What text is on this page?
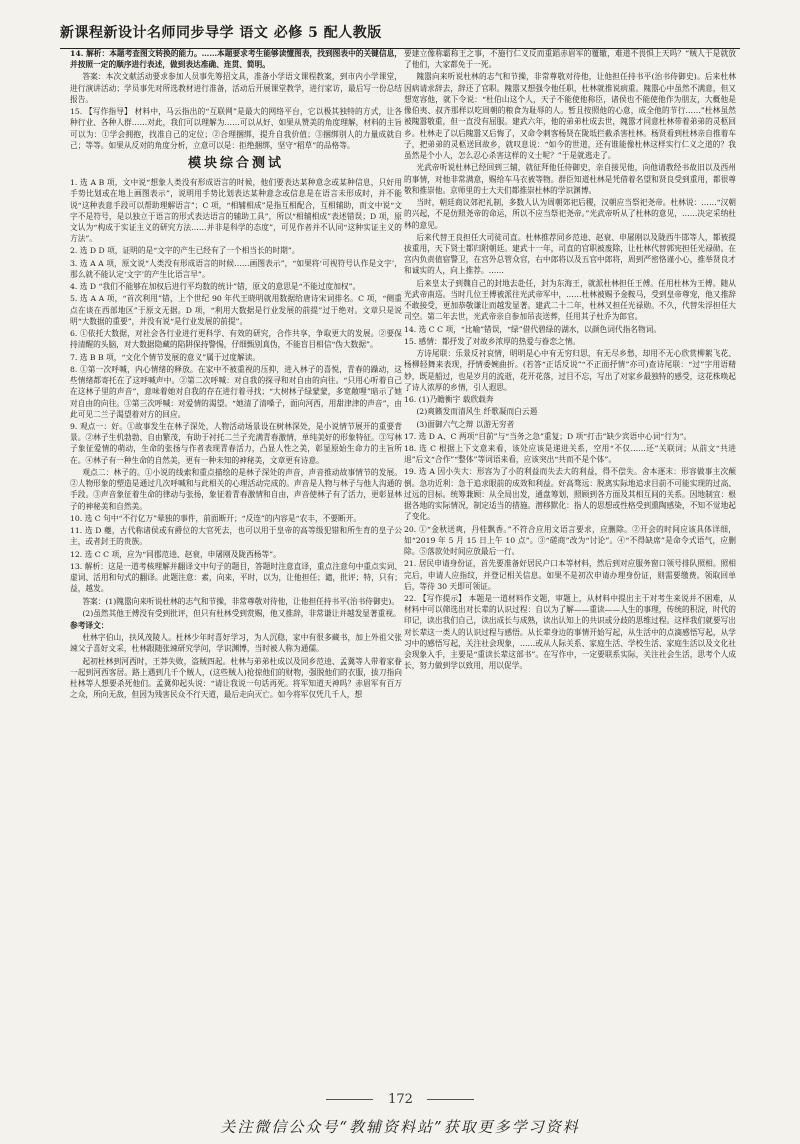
新课程新设计名师同步导学 语文 必修 5 配人教版

14. 解析：本题考查图文转换的能力。……本题要求考生能够读懂图表，找到图表中的关键信息，并按照一定的顺序进行表述，做到表达准确、连贯、简明。

答案：本次文献活动要求参加人员事先筹招文具，准备小学语文课程教案，到市内小学课堂，进行演讲活动；学员事先对所选教材进行准备，活动后开展课堂教学，进行家访，最后写一份总结报告。

15. 【写作指导】 材料中，马云指出的“互联网”是最大的网络平台，它以极其独特的方式，让各种行业、各种人群……对此，我们可以理解为……可以从好、如果从赞美的角度理解，材料的主旨可以为：①学会拥抱，找准自己的定位；②合理捆绑，提升自我价值；③捆绑别人的力量成就自己；等等。如果从反对的角度分析，立意可以是：拒绝捆绑，坚守“稻草”的品格等。

模块综合测试

1. 选 A B 项，文中说“想象人类没有形成语言的时候，他们要表达某种意念或某种信息，只好用手势比划或在地上画图表示”，说明用手势比划表达某种意念或信息是在语言未形成时，并不能说“这种表意手段可以帮助理解语言”；C 项，“相辅相成”是指互相配合，互相辅助，而文中说“文字不是符号，是以独立于语言的形式表达语言的辅助工具”，所以“相辅相成”表述错误；D 项，原文认为“构成于实证主义的研究方法……并非是科学的态度”，可见作者并不认同“这种实证主义的方法”。

2. 选 D D 项，证明的是“文字的产生已经有了一个相当长的时期”。

3. 选 A A 项，原文说“人类没有形成语言的时候……画图表示”，“如果将‘可视符号认作是文字’，那么就不能认定‘文字’的产生比语言早”。

4. 选 D “我们不能够在加权后进行平均数的统计”错，原文的意思是“不能过度加权”。

5. 选 A A 项，“首次利用”错，上个世纪 90 年代王晓明就用数据给唐诗宋词排名。C 项，“侧重点在谈在西部地区”于原文无据。D 项，“利用大数据是行业发展的前提”过于绝对。文章只是说明“大数据的重要”，并没有说“是行业发展的前提”。

6. ①依托大数据，对社会各行业进行更科学、有效的研究，合作共享，争取更大的发展。②要保持清醒的头脑，对大数据隐藏的陷阱保持警惕，仔细甄别真伪，不能盲目相信“伪大数据”。

7. 选 B B 项，“文化个情节发展的意义”属于过度解读。

8. ①第一次呼喊，内心情绪的释放。在家中不被重视的压抑，进入林子的喜悦，青春的躁动，这些情绪都寄托在了这呼喊声中。②第二次呼喊：对自我的探寻和对自由的向往。“只用心听着自己在这林子里的声音”，意味着她对自我的存在进行着寻找；“大树林子绿蒙蒙，多宽敞哩”暗示了她对自由的向往。③第三次呼喊：对爱情的渴望。“她清了清嗓子，面向河西，用甜津津的声音”，由此可见二兰子渴望着对方的回应。

9. 观点一：好。①故事发生在林子深处，人物活动场景设在树林深处，是小说情节展开的重要背景。②林子生机勃勃、自由繁茂，有助于衬托二兰子充满青春激情，单纯美好的形象特征。③写林子象征爱情的萌动，生命的张扬与作者表现青春活力，凸显人性之美，彰显原始生命力的主旨所在。④林子有一种生命的自然美，更有一种未知的神秘美，文章更有诗意。

观点二：林子的。①小说的线索和重点描绘的是林子深处的声音，声音推动故事情节的发展。②人物形象的塑造是通过几次呼喊和与此相关的心理活动完成的。声音是人物与林子与他人沟通的手段。③声音象征着生命的律动与张扬，象征着青春激情和自由，声音使林子有了活力，更彰显林子的神秘美和自然美。

10. 选 C 句中“不行亿万”晕独的事件，前面断开；“反连”的内容是“农丰，不要断开。

11. 选 D 夔，古代称诸侯或有爵位的大官死去，也可以用于皇帝的高等级犯错和所生育的皇子公主，或者封王的贵族。

12. 选 C C 项，应为“同郡范逵、赵衰，申屠刚及陇西杨等”。

13. 解析：这是一道考核理解并翻译文中句子的题目，答题时注意直译，重点注意句中重点实词、虚词、活用和句式的翻译。此题注意：素，向来，平时，以为，让他担任；谴，批评；特，只有；益，越发。

答案：(1)隗嚣向来听说杜林的志气和节操，非常尊敬对待他，让他担任持书平(治书侍御史)。

(2)虽然其他王傅没有受到批评，但只有杜林受到赏赐，他又推辞，非常谦让并越发显著重视。

参考译文：

杜林字伯山，扶风茂陵人。杜林少年时喜好学习，为人沉稳，家中有很多藏书，加上外祖父张竦父子喜好文采，杜林跟随张竦研究学问，学识渊博，当时被人称为通儒。

起初杜林到河西时，王莽失败，盗贼四起。杜林与弟弟杜成以及同乡范逵、孟冀等人带着家眷一起到河西客居。路上遇到几千个贼人，(这些贼人)抢掠他们的财物，强脱他们的衣服，拔刀指向杜林等人想要杀死他们。孟冀仰起头说：“请让我说一句话再死。将军知道天神吗？赤眉军有百万之众，所向无敌，但因为残害民众不行天道，最后走向灭亡。如今将军仅凭几千人，想

要建立像称霸称王之事，不施行仁义反而重蹈赤眉军的覆辙，难道不畏惧上天吗？”贼人于是就放了他们，大家都免于一死。

隗嚣向来听说杜林的志气和节操，非常尊敬对待他，让他担任持书平(治书侍御史)。后来杜林因病请求辞去，辞还了官职。隗嚣又想强令他任职，杜林就推说病重。隗嚣心中虽然不满意，但又想宽容他，就下令说：“杜伯山这个人，天子不能使他称臣，诸侯也不能使他作为朋友，大概他是像伯夷、叔齐那样以吃周朝的粮食为耻辱的人。暂且按照他的心意，成全他的节行……”杜林虽然被隗嚣敬重，但一直没有屈服。建武六年，他的弟弟杜成去世，隗嚣才同意杜林带着弟弟的灵柩回乡。杜林走了以后隗嚣又后悔了，又命令刺客杨贤在陇坻拦截杀害杜林。杨贤看到杜林亲自推着车子，把弟弟的灵柩送回故乡，就叹息说：“如今的世道，还有谁能像杜林这样实行仁义之道的？我虽然是个小人，怎么忍心杀害这样的义士呢？”于是就逃走了。

光武帝听说杜林已经回到三辅，就征拜他任侍御史，亲自接见他，向他请教经书故旧以及西州的事情，对他非常满意，赐给车马衣被等物。群臣知道杜林是凭借着名望和贤良受到重用，都很尊敬和推崇他。京师里的士大夫们都推崇杜林的学识渊博。

当时，朝廷商议郊祀礼制，多数人认为周朝郊祀后稷，汉朝应当祭祀尧帝。杜林说：……“汉朝的兴起，不是仿照尧帝的命运，所以不应当祭祀尧帝。”光武帝听从了杜林的意见，……决定采纳杜林的意见。

后来代替王良担任大司徒司直。杜林推荐同乡范逵、赵衰、申屠刚以及陇西牛邯等人，都被提拔重用，天下贤士都归附朝廷。建武十一年，司直的官职被废除，让杜林代替郭宪担任光禄勋。在宫内负责值宿警卫，在宫外总管众官，右中郎将以及五官中郎将，周到严密恪谨小心，推举贤良才和诚实的人，向上推荐。……

后来皇太子到魏自己的封地去赴任，封为东海王，就派杜林担任王傅。任用杜林为王傅。随从光武帝南巡。当时几位王傅被派往光武帝军中，……杜林被赐予金鞍马，受到皇帝尊宠，他又推辞不敢接受，更加恭敬谦让而越发显著。建武二十二年，杜林又担任光禄勋。不久，代替朱浮担任大司空。第二年去世，光武帝亲自参加吊丧送葬，任用其子杜乔为郎官。

14. 选 C C 项，“比喻”错误，“绿”借代碧绿的湖水，以颜色词代指名物词。

15. 感情：都抒发了对故乡浓厚的热爱与眷恋之情。

方诗尾联：乐景反衬哀情，明明是心中有无穷归思，有无尽乡愁，却用不无心欣赏柳絮飞花、杨柳轻舞来表现，抒情委婉曲折。(若答“正话反说”“不正面抒情”亦可)查诗尾联：“过”字用语精妙，既是船过，也是岁月的流逝，花开花落，过目不忘，写出了对家乡最独特的感受，这花株唤起了诗人浓厚的乡情，引人遐思。

16. (1)乃瞻衡宇 载欣载奔

(2)爽籁发而清风生 纤歌凝而白云遏

(3)面御六气之辩 以游无穷者

17. 选 D A、C 两项“目前”与“当务之急”重复；D 项“打击”缺少宾语中心词“行为”。

18. 选 C 根据上下文意来看，该处应该是递进关系，空用“不仅……还”关联词；从前文“共进退”后文“合作”“整体”等词语来看，应该突出“共而不是个体”。

19. 选 A 因小失大：形容为了小的利益而失去大的利益，得不偿失。舍本逐末：形容做事主次颠倒。急功近利：急于追求眼前的成效和利益。好高骛远：脱离实际地追求目前不可能实现的过高、过远的目标。统筹兼顾：从全局出发，通盘筹划，照顾到各方面及其相互间的关系。因地制宜：根据各地的实际情况，制定适当的措施。潜移默化：指人的思想或性格受到熏陶感染，不知不觉地起了变化。

20. ①“金秋送爽，丹桂飘香。”不符合应用文语言要求，应删除。②开会的时间应该具体详细，如“2019 年 5 月 15 日上午 10 点”。③“磋商”改为“讨论”。④“不得缺席”是命令式语气，应删除。⑤落款处时间应放最后一行。

21. 居民申请身份证，首先要准备好居民户口本等材料，然后到对应服务窗口领号排队照相。照相完后，申请人应指纹，并登记相关信息。如果不是初次申请办理身份证，则需要缴费。领取回单后，等待 30 天即可领证。

22. 【写作提示】 本题是一道材料作文题，审题上，从材料中提出主干对考生来说并不困难，从材料中可以筛选出对长辈的认识过程：自以为了解——重读——人生的事理，传统的积淀，时代的印记，读出我们自己，读出成长与成熟，读出认知上的共识或分歧的思维过程。这样我们就要写出对长辈这一类人的认识过程与感悟。从长辈身边的事情开始写起，从生活中的点滴感悟写起，从学习中的感悟写起，关注社会现象，……或从人际关系、家庭生活、学校生活、家庭生活以及文化社会现象入手，主要是“重读长辈这部书”。在写作中，一定要联系实际，关注社会生活，思考个人成长，努力做到学以致用，用以促学。

172
关注微信公众号“教辅资料站”获取更多学习资料
